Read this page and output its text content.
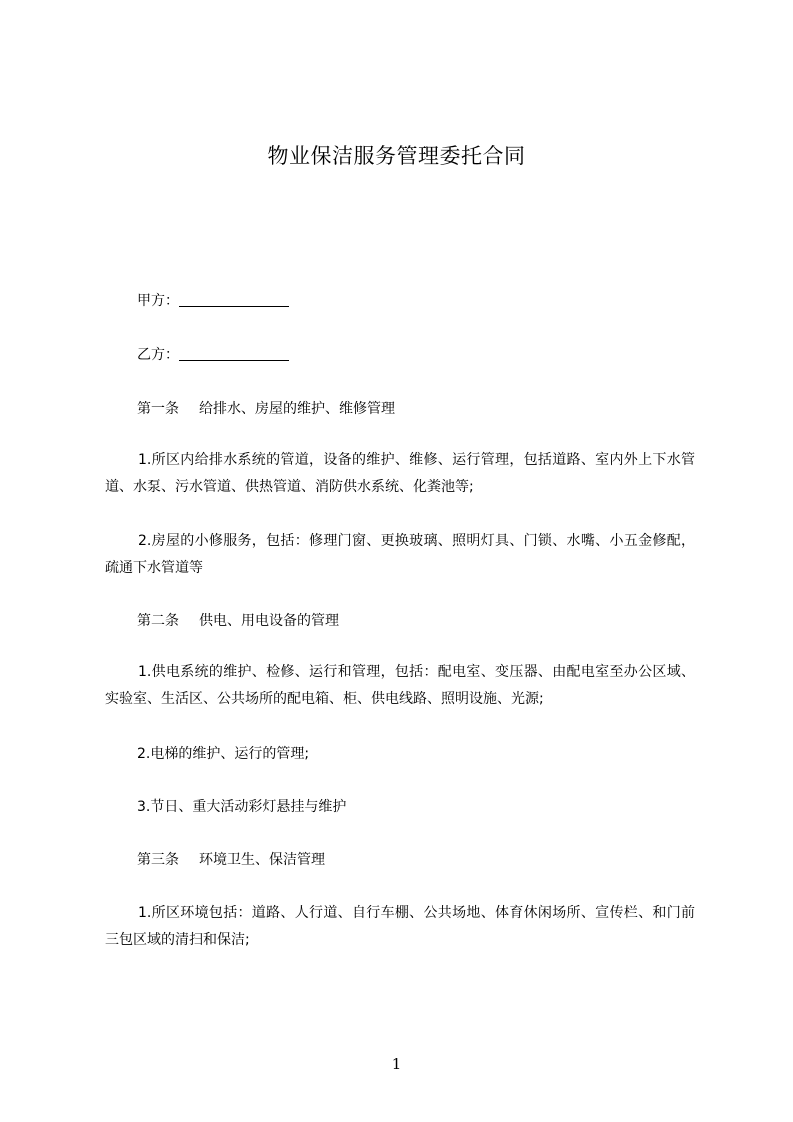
物业保洁服务管理委托合同
甲方：
乙方：
第一条 给排水、房屋的维护、维修管理
1.所区内给排水系统的管道，设备的维护、维修、运行管理，包括道路、室内外上下水管道、水泵、污水管道、供热管道、消防供水系统、化粪池等;
2.房屋的小修服务，包括：修理门窗、更换玻璃、照明灯具、门锁、水嘴、小五金修配，疏通下水管道等
第二条 供电、用电设备的管理
1.供电系统的维护、检修、运行和管理，包括：配电室、变压器、由配电室至办公区域、实验室、生活区、公共场所的配电箱、柜、供电线路、照明设施、光源;
2.电梯的维护、运行的管理;
3.节日、重大活动彩灯悬挂与维护
第三条 环境卫生、保洁管理
1.所区环境包括：道路、人行道、自行车棚、公共场地、体育休闲场所、宣传栏、和门前三包区域的清扫和保洁;
1
